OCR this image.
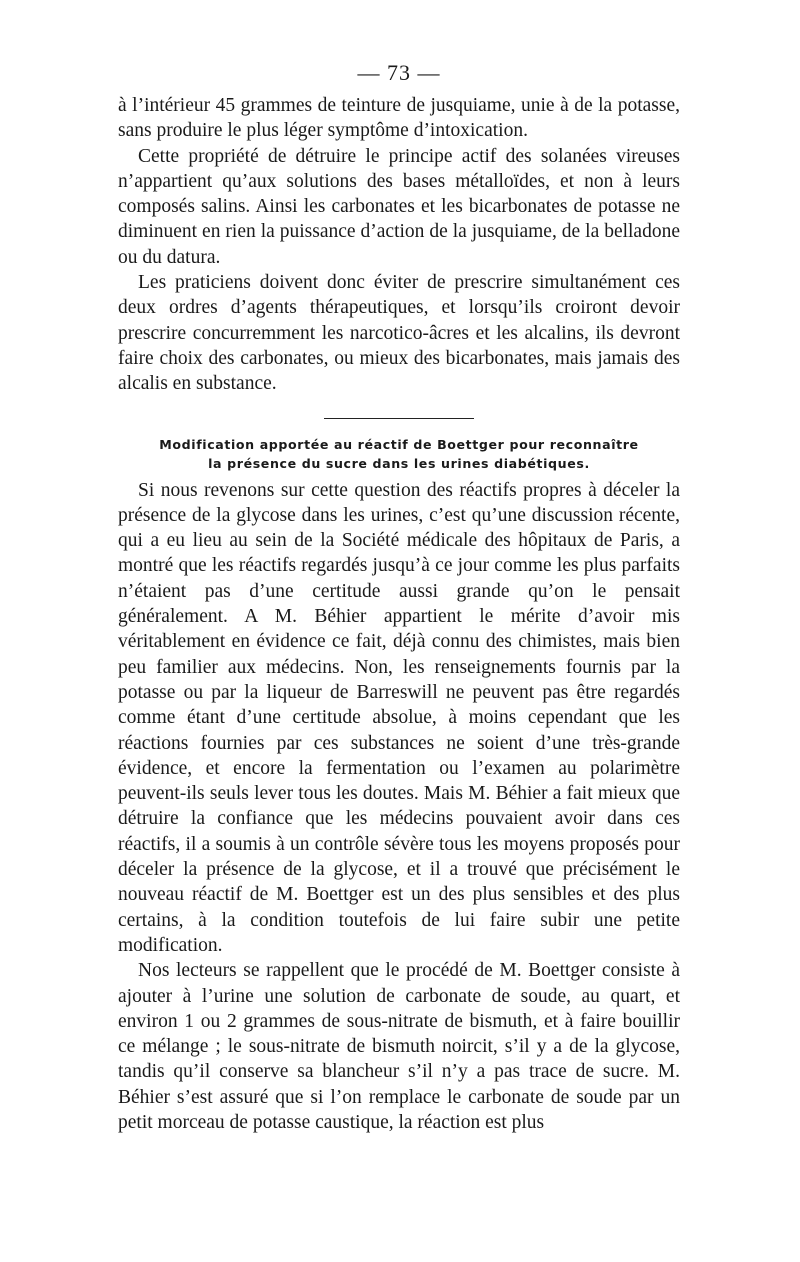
— 73 —

à l’intérieur 45 grammes de teinture de jusquiame, unie à de la potasse, sans produire le plus léger symptôme d’intoxication.

Cette propriété de détruire le principe actif des solanées vireuses n’appartient qu’aux solutions des bases métalloïdes, et non à leurs composés salins. Ainsi les carbonates et les bicarbonates de potasse ne diminuent en rien la puissance d’action de la jusquiame, de la belladone ou du datura.

Les praticiens doivent donc éviter de prescrire simultanément ces deux ordres d’agents thérapeutiques, et lorsqu’ils croiront devoir prescrire concurremment les narcotico-âcres et les alcalins, ils devront faire choix des carbonates, ou mieux des bicarbonates, mais jamais des alcalis en substance.

Modification apportée au réactif de Boettger pour reconnaître
la présence du sucre dans les urines diabétiques.

Si nous revenons sur cette question des réactifs propres à déceler la présence de la glycose dans les urines, c’est qu’une discussion récente, qui a eu lieu au sein de la Société médicale des hôpitaux de Paris, a montré que les réactifs regardés jusqu’à ce jour comme les plus parfaits n’étaient pas d’une certitude aussi grande qu’on le pensait généralement. A M. Béhier appartient le mérite d’avoir mis véritablement en évidence ce fait, déjà connu des chimistes, mais bien peu familier aux médecins. Non, les renseignements fournis par la potasse ou par la liqueur de Barreswill ne peuvent pas être regardés comme étant d’une certitude absolue, à moins cependant que les réactions fournies par ces substances ne soient d’une très-grande évidence, et encore la fermentation ou l’examen au polarimètre peuvent-ils seuls lever tous les doutes. Mais M. Béhier a fait mieux que détruire la confiance que les médecins pouvaient avoir dans ces réactifs, il a soumis à un contrôle sévère tous les moyens proposés pour déceler la présence de la glycose, et il a trouvé que précisément le nouveau réactif de M. Boettger est un des plus sensibles et des plus certains, à la condition toutefois de lui faire subir une petite modification.

Nos lecteurs se rappellent que le procédé de M. Boettger consiste à ajouter à l’urine une solution de carbonate de soude, au quart, et environ 1 ou 2 grammes de sous-nitrate de bismuth, et à faire bouillir ce mélange ; le sous-nitrate de bismuth noircit, s’il y a de la glycose, tandis qu’il conserve sa blancheur s’il n’y a pas trace de sucre. M. Béhier s’est assuré que si l’on remplace le carbonate de soude par un petit morceau de potasse caustique, la réaction est plus
